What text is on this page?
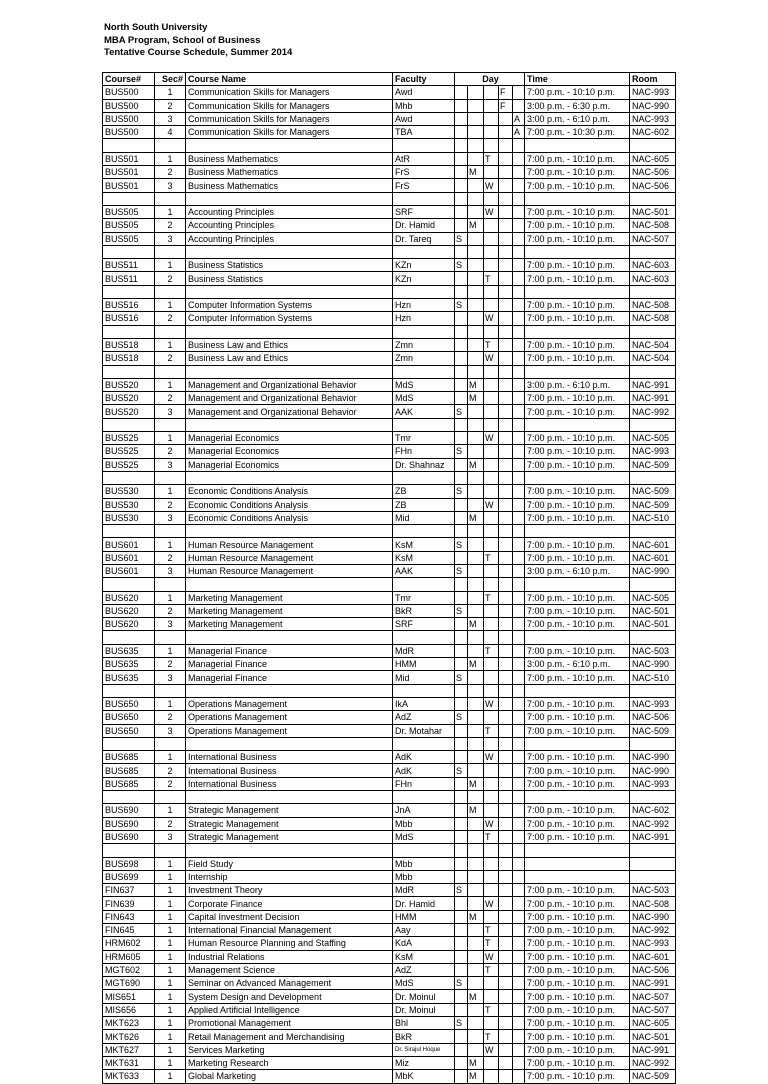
North South University
MBA Program, School of Business
Tentative Course Schedule, Summer 2014
Course#	Sec#	Course Name	Faculty	Day					Time	Room
BUS500	1	Communication Skills for Managers	Awd				F		7:00 p.m. - 10:10 p.m.	NAC-993
BUS500	2	Communication Skills for Managers	Mhb				F		3:00 p.m. - 6:30 p.m.	NAC-990
BUS500	3	Communication Skills for Managers	Awd					A	3:00 p.m. - 6:10 p.m.	NAC-993
BUS500	4	Communication Skills for Managers	TBA					A	7:00 p.m. - 10:30 p.m.	NAC-602

BUS501	1	Business Mathematics	AtR			T			7:00 p.m. - 10:10 p.m.	NAC-605
BUS501	2	Business Mathematics	FrS		M				7:00 p.m. - 10:10 p.m.	NAC-506
BUS501	3	Business Mathematics	FrS			W			7:00 p.m. - 10:10 p.m.	NAC-506

BUS505	1	Accounting Principles	SRF			W			7:00 p.m. - 10:10 p.m.	NAC-501
BUS505	2	Accounting Principles	Dr. Hamid		M				7:00 p.m. - 10:10 p.m.	NAC-508
BUS505	3	Accounting Principles	Dr. Tareq	S					7:00 p.m. - 10:10 p.m.	NAC-507

BUS511	1	Business Statistics	KZn	S					7:00 p.m. - 10:10 p.m.	NAC-603
BUS511	2	Business Statistics	KZn			T			7:00 p.m. - 10:10 p.m.	NAC-603

BUS516	1	Computer Information Systems	Hzn	S					7:00 p.m. - 10:10 p.m.	NAC-508
BUS516	2	Computer Information Systems	Hzn			W			7:00 p.m. - 10:10 p.m.	NAC-508

BUS518	1	Business Law and Ethics	Zmn			T			7:00 p.m. - 10:10 p.m.	NAC-504
BUS518	2	Business Law and Ethics	Zmn			W			7:00 p.m. - 10:10 p.m.	NAC-504

BUS520	1	Management and Organizational Behavior	MdS		M				3:00 p.m. - 6:10 p.m.	NAC-991
BUS520	2	Management and Organizational Behavior	MdS		M				7:00 p.m. - 10:10 p.m.	NAC-991
BUS520	3	Management and Organizational Behavior	AAK	S					7:00 p.m. - 10:10 p.m.	NAC-992

BUS525	1	Managerial Economics	Tmr			W			7:00 p.m. - 10:10 p.m.	NAC-505
BUS525	2	Managerial Economics	FHn	S					7:00 p.m. - 10:10 p.m.	NAC-993
BUS525	3	Managerial Economics	Dr. Shahnaz		M				7:00 p.m. - 10:10 p.m.	NAC-509

BUS530	1	Economic Conditions Analysis	ZB	S					7:00 p.m. - 10:10 p.m.	NAC-509
BUS530	2	Economic Conditions Analysis	ZB			W			7:00 p.m. - 10:10 p.m.	NAC-509
BUS530	3	Economic Conditions Analysis	Mid		M				7:00 p.m. - 10:10 p.m.	NAC-510

BUS601	1	Human Resource Management	KsM	S					7:00 p.m. - 10:10 p.m.	NAC-601
BUS601	2	Human Resource Management	KsM			T			7:00 p.m. - 10:10 p.m.	NAC-601
BUS601	3	Human Resource Management	AAK	S					3:00 p.m. - 6:10 p.m.	NAC-990

BUS620	1	Marketing Management	Tmr			T			7:00 p.m. - 10:10 p.m.	NAC-505
BUS620	2	Marketing Management	BkR	S					7:00 p.m. - 10:10 p.m.	NAC-501
BUS620	3	Marketing Management	SRF		M				7:00 p.m. - 10:10 p.m.	NAC-501

BUS635	1	Managerial Finance	MdR			T			7:00 p.m. - 10:10 p.m.	NAC-503
BUS635	2	Managerial Finance	HMM		M				3:00 p.m. - 6:10 p.m.	NAC-990
BUS635	3	Managerial Finance	Mid	S					7:00 p.m. - 10:10 p.m.	NAC-510

BUS650	1	Operations Management	IkA			W			7:00 p.m. - 10:10 p.m.	NAC-993
BUS650	2	Operations Management	AdZ	S					7:00 p.m. - 10:10 p.m.	NAC-506
BUS650	3	Operations Management	Dr. Motahar			T			7:00 p.m. - 10:10 p.m.	NAC-509

BUS685	1	International Business	AdK			W			7:00 p.m. - 10:10 p.m.	NAC-990
BUS685	2	International Business	AdK	S					7:00 p.m. - 10:10 p.m.	NAC-990
BUS685	2	International Business	FHn		M				7:00 p.m. - 10:10 p.m.	NAC-993

BUS690	1	Strategic Management	JnA		M				7:00 p.m. - 10:10 p.m.	NAC-602
BUS690	2	Strategic Management	Mbb			W			7:00 p.m. - 10:10 p.m.	NAC-992
BUS690	3	Strategic Management	MdS			T			7:00 p.m. - 10:10 p.m.	NAC-991

BUS698	1	Field Study	Mbb							
BUS699	1	Internship	Mbb							
FIN637	1	Investment Theory	MdR	S					7:00 p.m. - 10:10 p.m.	NAC-503
FIN639	1	Corporate Finance	Dr. Hamid			W			7:00 p.m. - 10:10 p.m.	NAC-508
FIN643	1	Capital Investment Decision	HMM		M				7:00 p.m. - 10:10 p.m.	NAC-990
FIN645	1	International Financial Management	Aay			T			7:00 p.m. - 10:10 p.m.	NAC-992
HRM602	1	Human Resource Planning and Staffing	KdA			T			7:00 p.m. - 10:10 p.m.	NAC-993
HRM605	1	Industrial Relations	KsM			W			7:00 p.m. - 10:10 p.m.	NAC-601
MGT602	1	Management Science	AdZ			T			7:00 p.m. - 10:10 p.m.	NAC-506
MGT690	1	Seminar on Advanced Management	MdS	S					7:00 p.m. - 10:10 p.m.	NAC-991
MIS651	1	System Design and Development	Dr. Moinul		M				7:00 p.m. - 10:10 p.m.	NAC-507
MIS656	1	Applied Artificial Intelligence	Dr. Moinul			T			7:00 p.m. - 10:10 p.m.	NAC-507
MKT623	1	Promotional Management	Bhl	S					7:00 p.m. - 10:10 p.m.	NAC-605
MKT626	1	Retail Management and Merchandising	BkR			T			7:00 p.m. - 10:10 p.m.	NAC-501
MKT627	1	Services Marketing	Dr. Sirajul Hoque			W			7:00 p.m. - 10:10 p.m.	NAC-991
MKT631	1	Marketing Research	Miz		M				7:00 p.m. - 10:10 p.m.	NAC-992
MKT633	1	Global Marketing	MbK		M				7:00 p.m. - 10:10 p.m.	NAC-509
